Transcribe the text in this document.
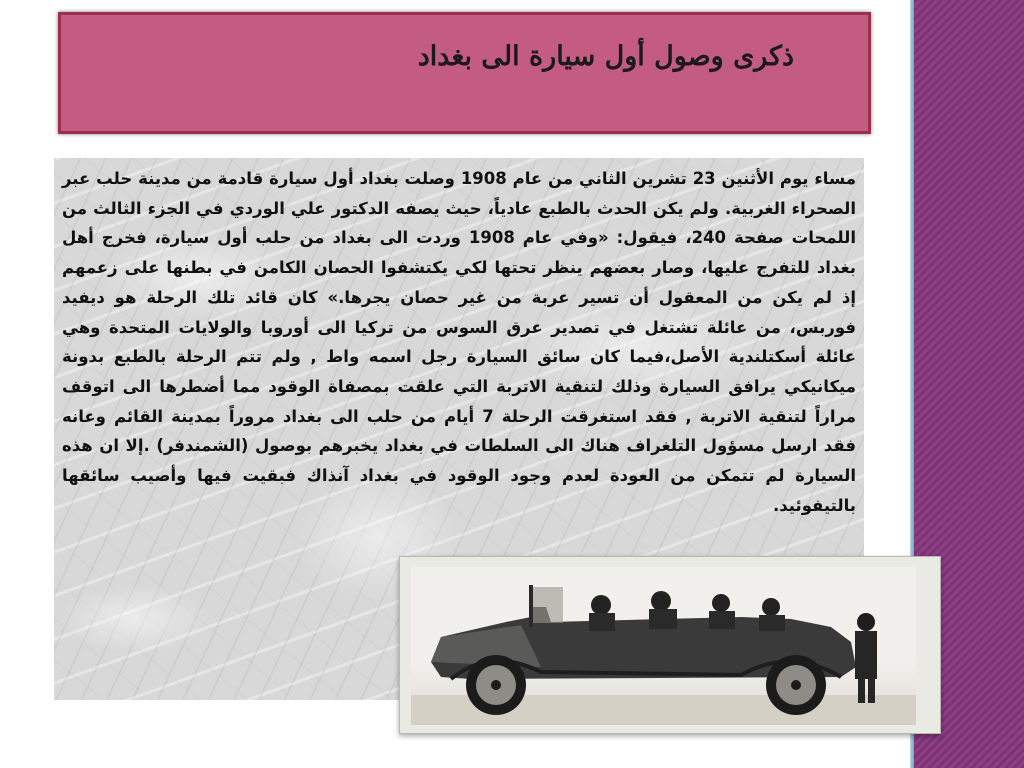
ذكرى وصول أول سيارة الى بغداد

مساء يوم الأثنين 23 تشرين الثاني من عام 1908 وصلت بغداد أول سيارة قادمة من مدينة حلب عبر الصحراء الغربية. ولم يكن الحدث بالطبع عادياً، حيث يصفه الدكتور علي الوردي في الجزء الثالث من اللمحات صفحة 240، فيقول: «وفي عام 1908 وردت الى بغداد من حلب أول سيارة، فخرج أهل بغداد للتفرج عليها، وصار بعضهم ينظر تحتها لكي يكتشفوا الحصان الكامن في بطنها على زعمهم إذ لم يكن من المعقول أن تسير عربة من غير حصان يجرها.» كان قائد تلك الرحلة هو ديفيد فوربس، من عائلة تشتغل في تصدير عرق السوس من تركيا الى أوروبا والولايات المتحدة وهي عائلة أسكتلندية الأصل،فيما كان سائق السيارة رجل اسمه واط , ولم تتم الرحلة بالطبع بدونة ميكانيكي يرافق السيارة وذلك لتنقية الاتربة التي علقت بمصفاة الوقود مما أضطرها الى اتوقف مراراً لتنقية الاتربة , فقد استغرقت الرحلة 7 أيام من حلب الى بغداد مروراً بمدينة القائم وعانه فقد ارسل مسؤول التلغراف هناك الى السلطات في بغداد يخبرهم بوصول (الشمندفر) .إلا ان هذه السيارة لم تتمكن من العودة لعدم وجود الوقود في بغداد آنذاك فبقيت فيها وأصيب سائقها بالتيفوئيد.
